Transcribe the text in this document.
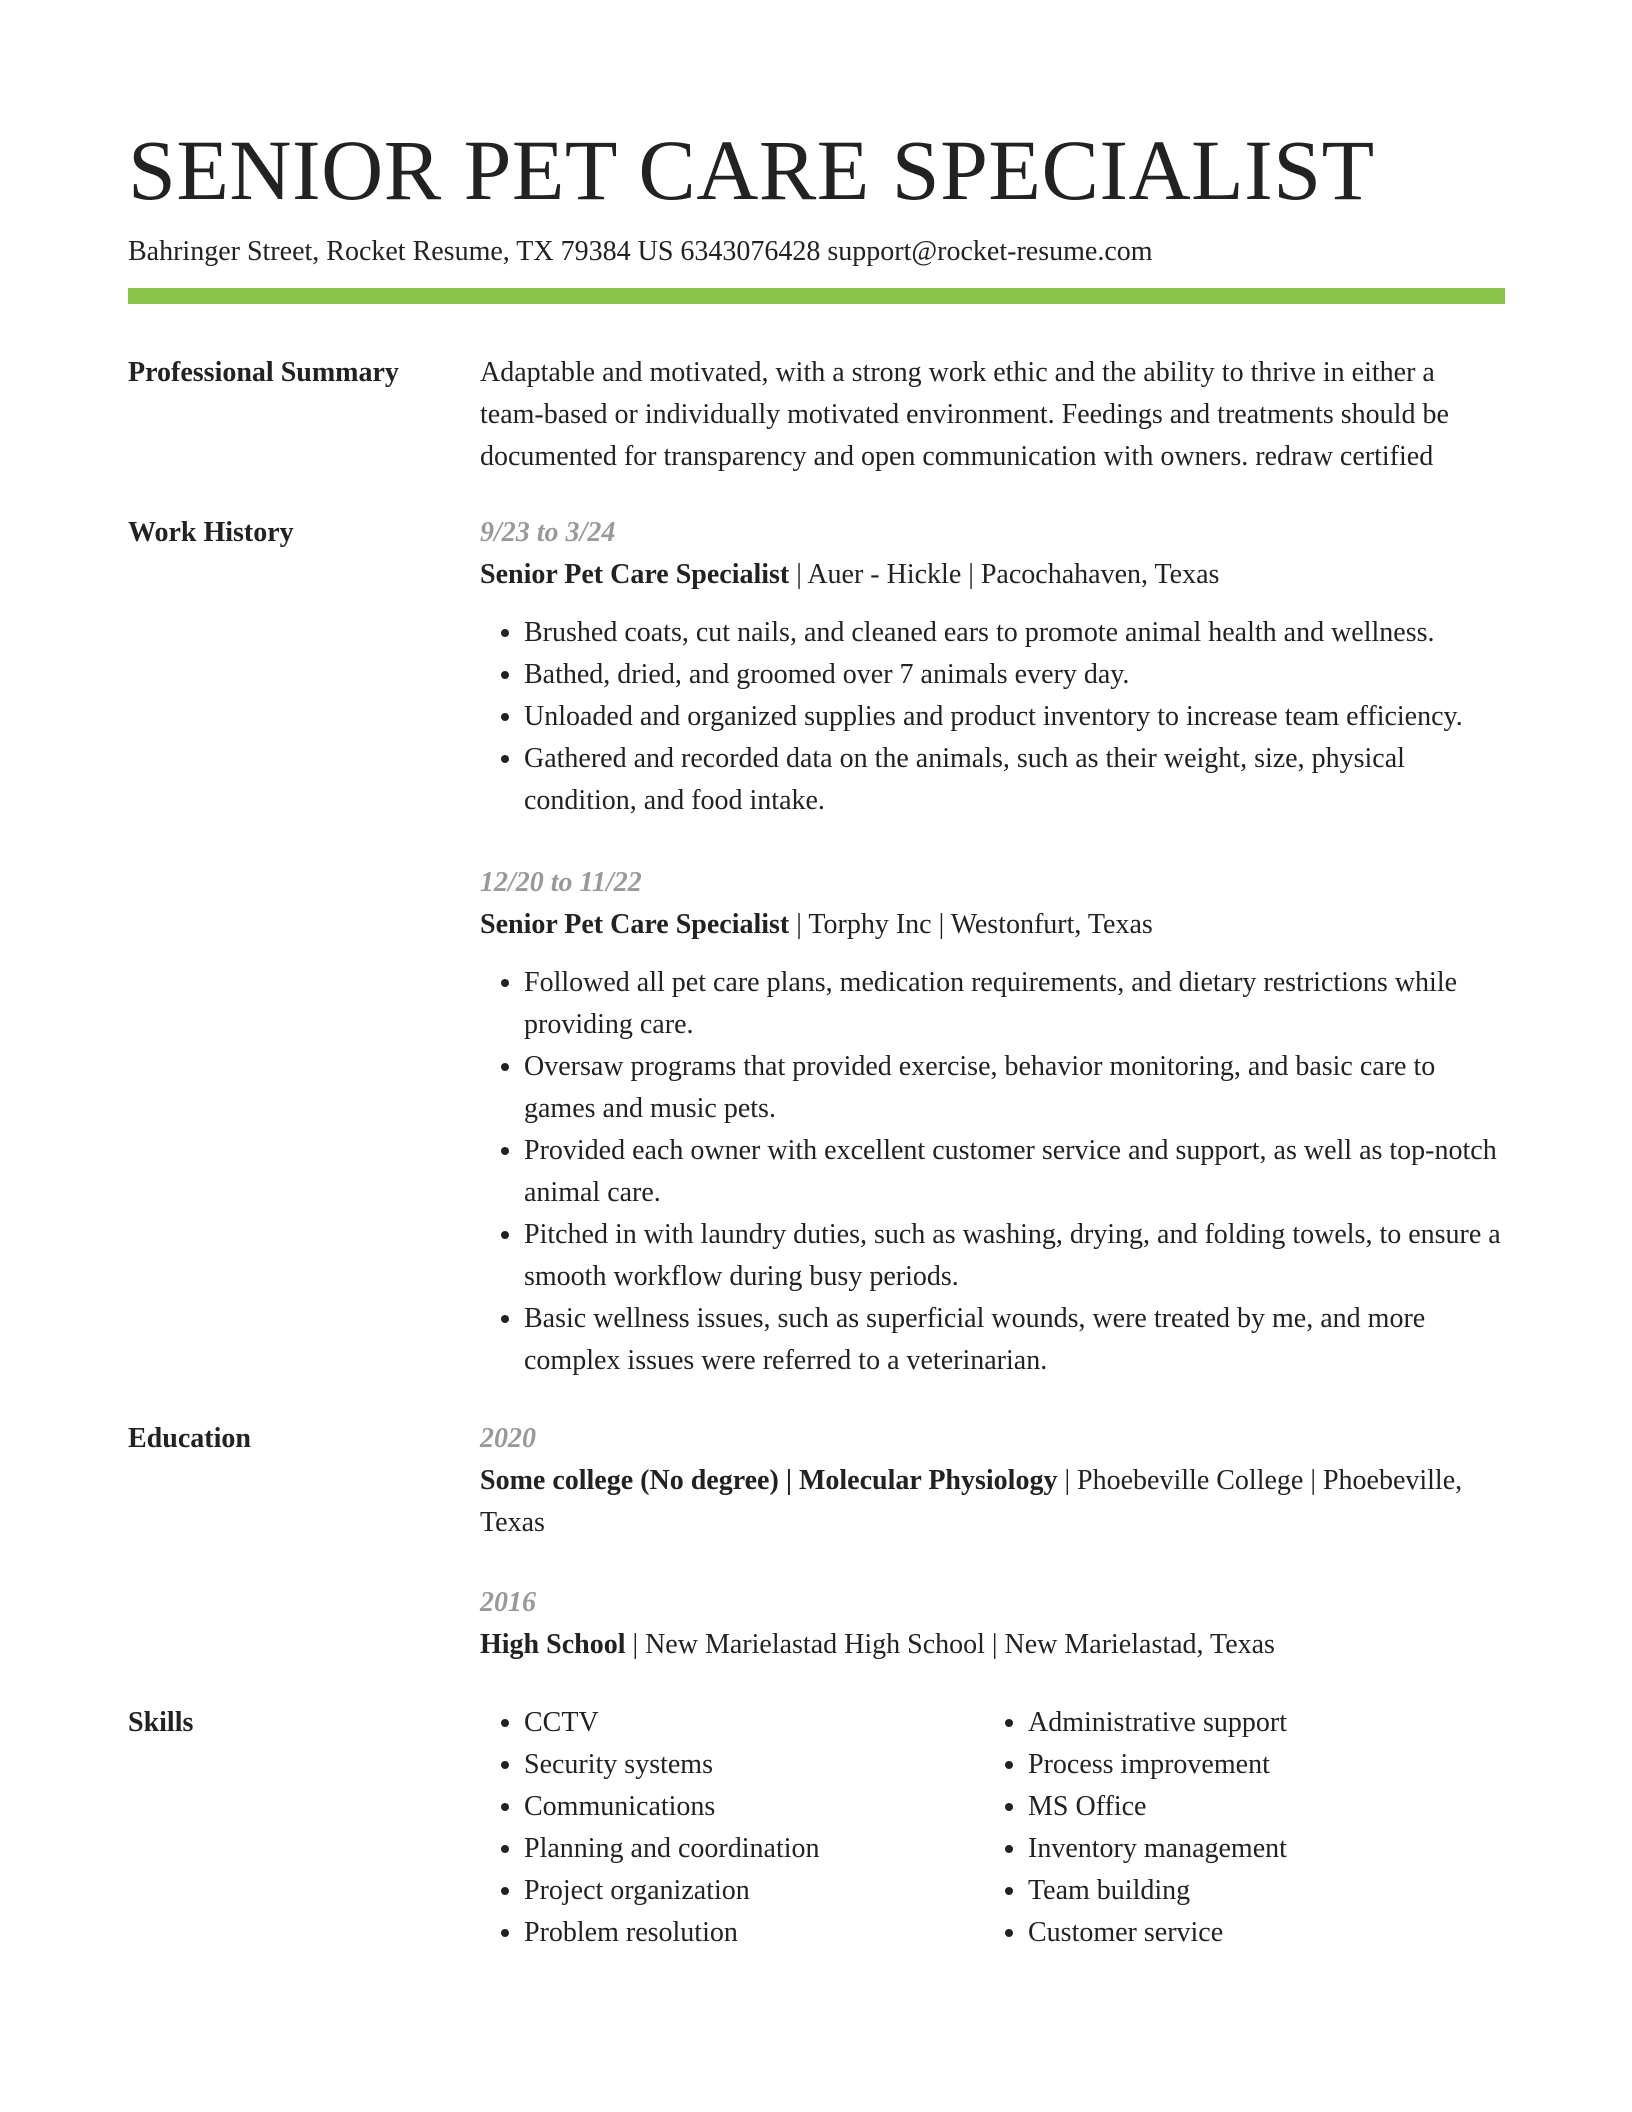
SENIOR PET CARE SPECIALIST
Bahringer Street, Rocket Resume, TX 79384 US 6343076428 support@rocket-resume.com
Professional Summary	Adaptable and motivated, with a strong work ethic and the ability to thrive in either a team-based or individually motivated environment. Feedings and treatments should be documented for transparency and open communication with owners. redraw certified

Work History	9/23 to 3/24
Senior Pet Care Specialist | Auer - Hickle | Pacochahaven, Texas
• Brushed coats, cut nails, and cleaned ears to promote animal health and wellness.
• Bathed, dried, and groomed over 7 animals every day.
• Unloaded and organized supplies and product inventory to increase team efficiency.
• Gathered and recorded data on the animals, such as their weight, size, physical condition, and food intake.
12/20 to 11/22
Senior Pet Care Specialist | Torphy Inc | Westonfurt, Texas
• Followed all pet care plans, medication requirements, and dietary restrictions while providing care.
• Oversaw programs that provided exercise, behavior monitoring, and basic care to games and music pets.
• Provided each owner with excellent customer service and support, as well as top-notch animal care.
• Pitched in with laundry duties, such as washing, drying, and folding towels, to ensure a smooth workflow during busy periods.
• Basic wellness issues, such as superficial wounds, were treated by me, and more complex issues were referred to a veterinarian.
Education	2020
Some college (No degree) | Molecular Physiology | Phoebeville College | Phoebeville, Texas
2016
High School | New Marielastad High School | New Marielastad, Texas
Skills
•	CCTV
• Security systems
• Communications
• Planning and coordination
• Project organization
• Problem resolution
• Administrative support
• Process improvement
• MS Office
• Inventory management
• Team building
• Customer service
